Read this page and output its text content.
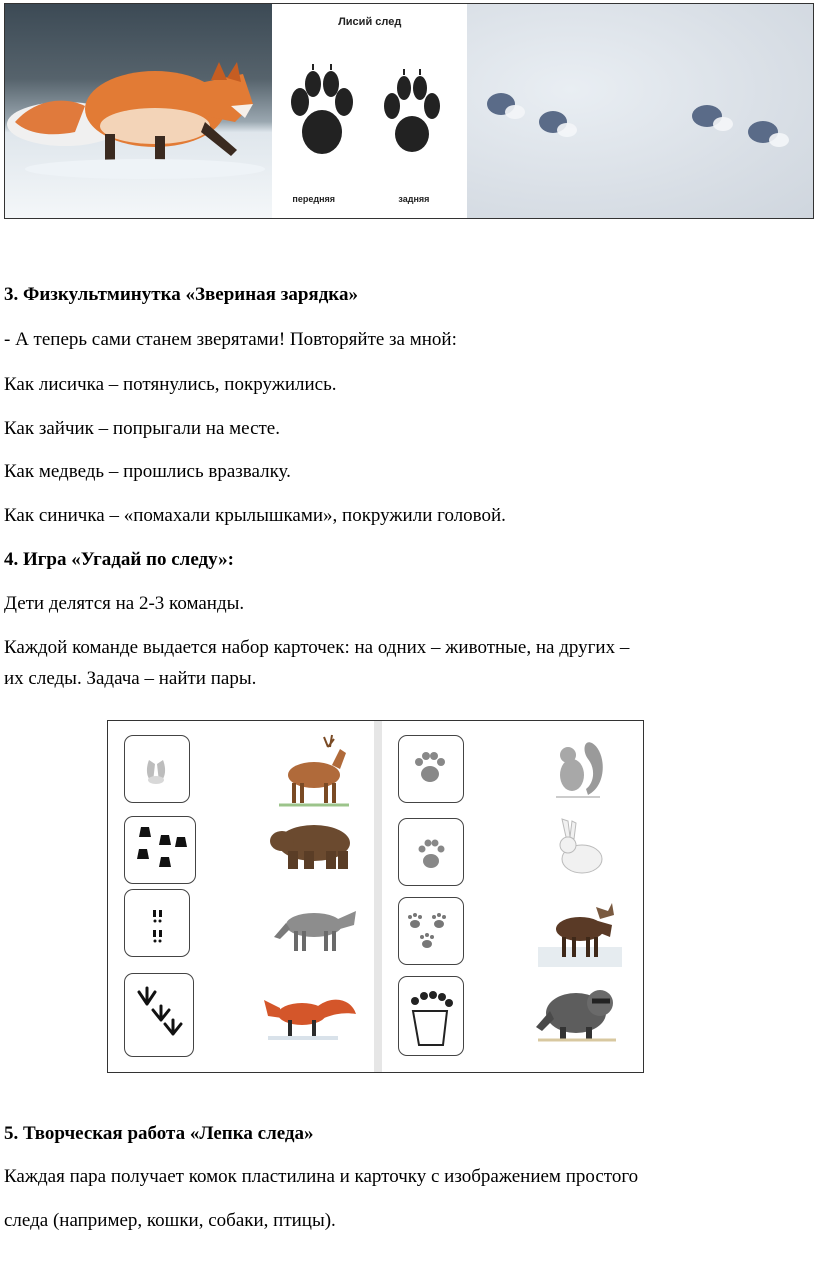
Лисий след
передняя	задняя
3. Физкультминутка «Звериная зарядка»
- А теперь сами станем зверятами! Повторяйте за мной:
Как лисичка – потянулись, покружились.
Как зайчик – попрыгали на месте.
Как медведь – прошлись вразвалку.
Как синичка – «помахали крылышками», покружили головой.
4. Игра «Угадай по следу»:
Дети делятся на 2-3 команды.
Каждой команде выдается набор карточек: на одних – животные, на других –
их следы. Задача – найти пары.
5. Творческая работа «Лепка следа»
Каждая пара получает комок пластилина и карточку с изображением простого
следа (например, кошки, собаки, птицы).
